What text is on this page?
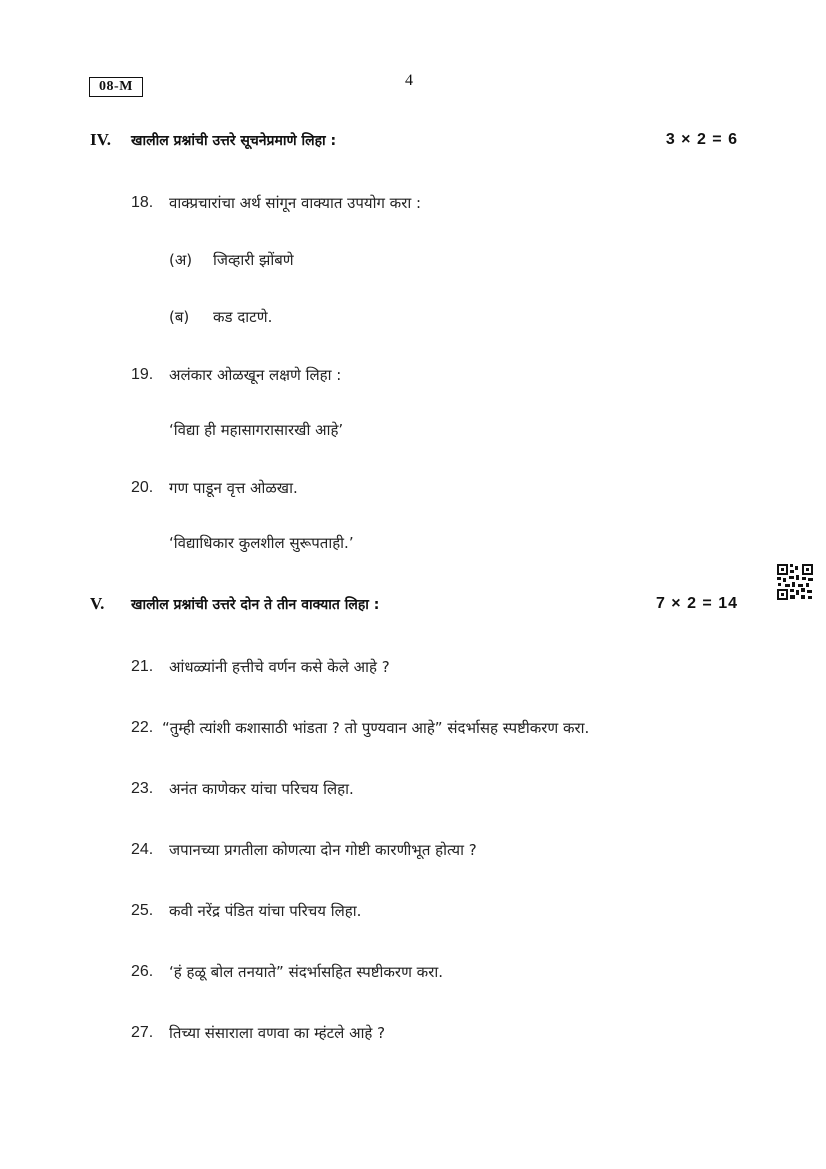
08-M	4
IV. खालील प्रश्नांची उत्तरे सूचनेप्रमाणे लिहा :	3 × 2 = 6
18. वाक्प्रचारांचा अर्थ सांगून वाक्यात उपयोग करा :
(अ) जिव्हारी झोंबणे
(ब) कड दाटणे.
19. अलंकार ओळखून लक्षणे लिहा :
‘विद्या ही महासागरासारखी आहे’
20. गण पाडून वृत्त ओळखा.
‘विद्याधिकार कुलशील सुरूपताही.’
V. खालील प्रश्नांची उत्तरे दोन ते तीन वाक्यात लिहा :	7 × 2 = 14
21. आंधळ्यांनी हत्तीचे वर्णन कसे केले आहे ?
22. “तुम्ही त्यांशी कशासाठी भांडता ? तो पुण्यवान आहे” संदर्भासह स्पष्टीकरण करा.
23. अनंत काणेकर यांचा परिचय लिहा.
24. जपानच्या प्रगतीला कोणत्या दोन गोष्टी कारणीभूत होत्या ?
25. कवी नरेंद्र पंडित यांचा परिचय लिहा.
26. ‘हं हळू बोल तनयाते” संदर्भासहित स्पष्टीकरण करा.
27. तिच्या संसाराला वणवा का म्हंटले आहे ?
